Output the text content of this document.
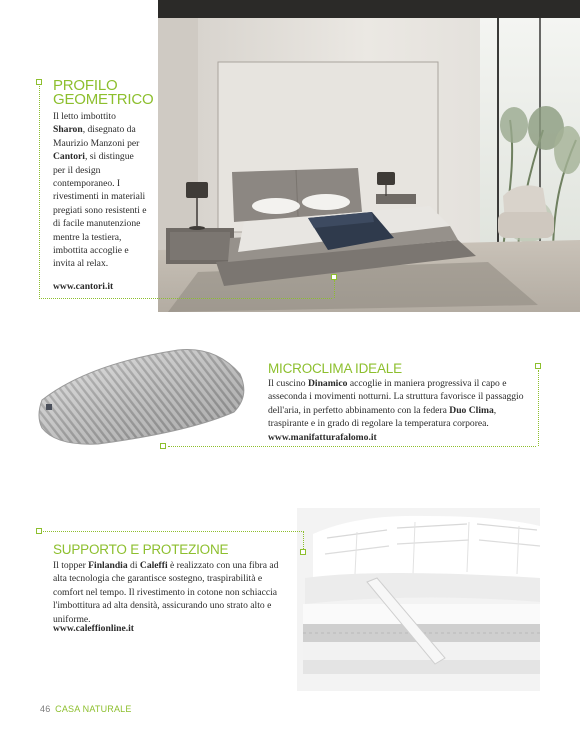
PROFILO
GEOMETRICO

Il letto imbottito Sharon, disegnato da Maurizio Manzoni per Cantori, si distingue per il design contemporaneo. I rivestimenti in materiali pregiati sono resistenti e di facile manutenzione mentre la testiera, imbottita accoglie e invita al relax.

www.cantori.it
MICROCLIMA IDEALE

Il cuscino Dinamico accoglie in maniera progressiva il capo e asseconda i movimenti notturni. La struttura favorisce il passaggio dell'aria, in perfetto abbinamento con la federa Duo Clima, traspirante e in grado di regolare la temperatura corporea. www.manifatturafalomo.it

SUPPORTO E PROTEZIONE

Il topper Finlandia di Caleffi è realizzato con una fibra ad alta tecnologia che garantisce sostegno, traspirabilità e comfort nel tempo. Il rivestimento in cotone non schiaccia l'imbottitura ad alta densità, assicurando uno strato alto e uniforme.

www.caleffionline.it
46 CASA NATURALE
